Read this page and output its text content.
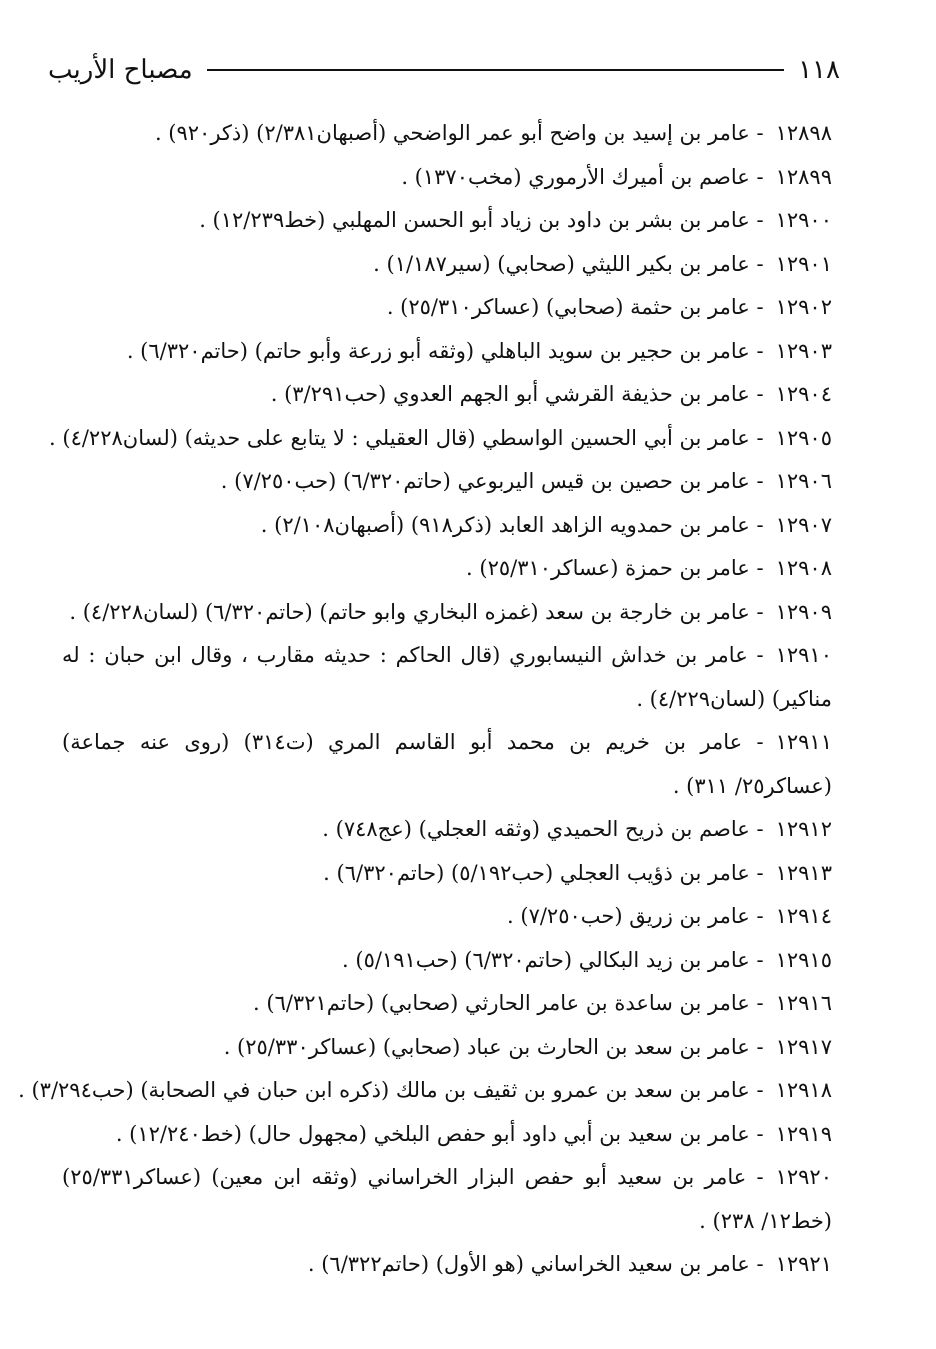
مصباح الأريب	١١٨
١٢٨٩٨- عامر بن إسيد بن واضح أبو عمر الواضحي (أصبهان٢/٣٨١) (ذكر٩٢٠) .
١٢٨٩٩- عاصم بن أميرك الأرموري (مخب١٣٧٠) .
١٢٩٠٠- عامر بن بشر بن داود بن زياد أبو الحسن المهلبي (خط١٢/٢٣٩) .
١٢٩٠١- عامر بن بكير الليثي (صحابي) (سير١/١٨٧) .
١٢٩٠٢- عامر بن حثمة (صحابي) (عساكر٢٥/٣١٠) .
١٢٩٠٣- عامر بن حجير بن سويد الباهلي (وثقه أبو زرعة وأبو حاتم) (حاتم٦/٣٢٠) .
١٢٩٠٤- عامر بن حذيفة القرشي أبو الجهم العدوي (حب٣/٢٩١) .
١٢٩٠٥- عامر بن أبي الحسين الواسطي (قال العقيلي : لا يتابع على حديثه) (لسان٤/٢٢٨) .
١٢٩٠٦- عامر بن حصين بن قيس اليربوعي (حاتم٦/٣٢٠) (حب٧/٢٥٠) .
١٢٩٠٧- عامر بن حمدويه الزاهد العابد (ذكر٩١٨) (أصبهان٢/١٠٨) .
١٢٩٠٨- عامر بن حمزة (عساكر٢٥/٣١٠) .
١٢٩٠٩- عامر بن خارجة بن سعد (غمزه البخاري وابو حاتم) (حاتم٦/٣٢٠) (لسان٤/٢٢٨) .
١٢٩١٠- عامر بن خداش النيسابوري (قال الحاكم : حديثه مقارب ، وقال ابن حبان : له مناكير) (لسان٤/٢٢٩) .
١٢٩١١- عامر بن خريم بن محمد أبو القاسم المري (ت٣١٤) (روى عنه جماعة) (عساكر٢٥/ ٣١١) .
١٢٩١٢- عاصم بن ذريح الحميدي (وثقه العجلي) (عج٧٤٨) .
١٢٩١٣- عامر بن ذؤيب العجلي (حب٥/١٩٢) (حاتم٦/٣٢٠) .
١٢٩١٤- عامر بن زريق (حب٧/٢٥٠) .
١٢٩١٥- عامر بن زيد البكالي (حاتم٦/٣٢٠) (حب٥/١٩١) .
١٢٩١٦- عامر بن ساعدة بن عامر الحارثي (صحابي) (حاتم٦/٣٢١) .
١٢٩١٧- عامر بن سعد بن الحارث بن عباد (صحابي) (عساكر٢٥/٣٣٠) .
١٢٩١٨- عامر بن سعد بن عمرو بن ثقيف بن مالك (ذكره ابن حبان في الصحابة) (حب٣/٢٩٤) .
١٢٩١٩- عامر بن سعيد بن أبي داود أبو حفص البلخي (مجهول حال) (خط١٢/٢٤٠) .
١٢٩٢٠- عامر بن سعيد أبو حفص البزار الخراساني (وثقه ابن معين) (عساكر٢٥/٣٣١) (خط١٢/ ٢٣٨) .
١٢٩٢١- عامر بن سعيد الخراساني (هو الأول) (حاتم٦/٣٢٢) .
